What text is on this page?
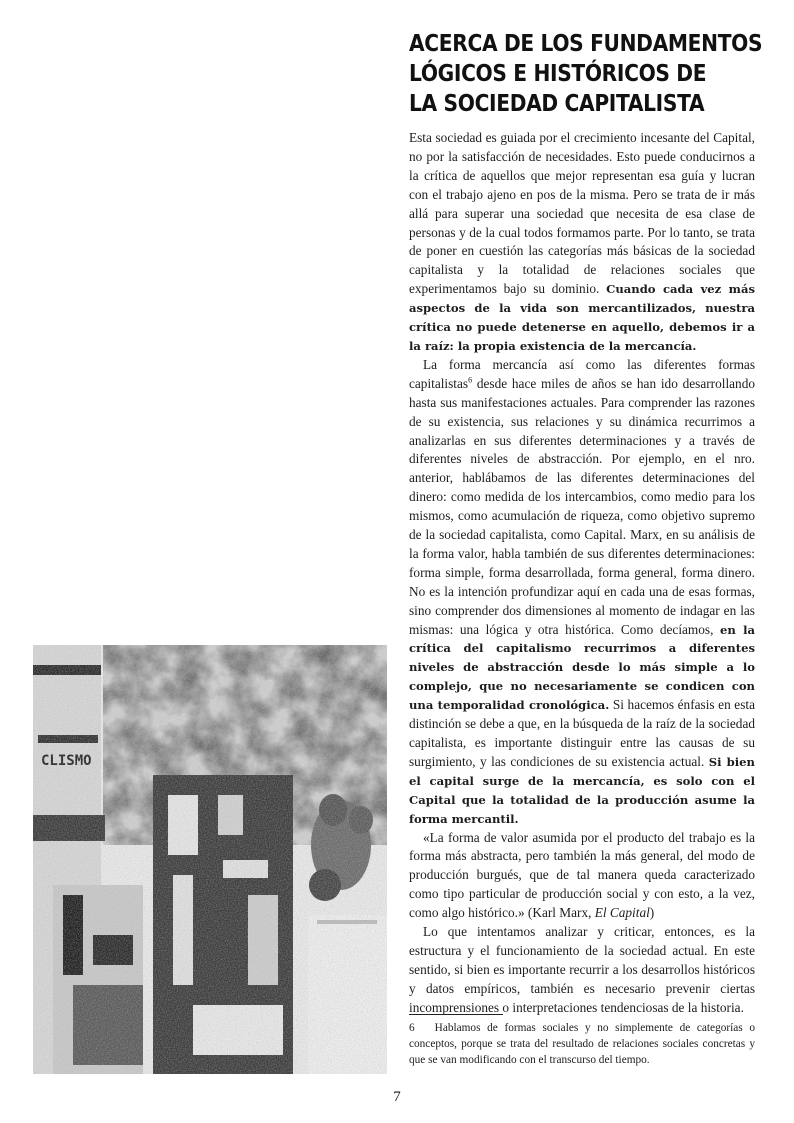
ACERCA DE LOS FUNDAMENTOS
LÓGICOS E HISTÓRICOS DE
LA SOCIEDAD CAPITALISTA

Esta sociedad es guiada por el crecimiento incesante del Capital, no por la satisfacción de necesidades. Esto puede conducirnos a la crítica de aquellos que mejor representan esa guía y lucran con el trabajo ajeno en pos de la misma. Pero se trata de ir más allá para superar una sociedad que necesita de esa clase de personas y de la cual todos formamos parte. Por lo tanto, se trata de poner en cuestión las categorías más básicas de la sociedad capitalista y la totalidad de relaciones sociales que experimentamos bajo su dominio. Cuando cada vez más aspectos de la vida son mercantilizados, nuestra crítica no puede detenerse en aquello, debemos ir a la raíz: la propia existencia de la mercancía.

La forma mercancía así como las diferentes formas capitalistas$^6$ desde hace miles de años se han ido desarrollando hasta sus manifestaciones actuales. Para comprender las razones de su existencia, sus relaciones y su dinámica recurrimos a analizarlas en sus diferentes determinaciones y a través de diferentes niveles de abstracción. Por ejemplo, en el nro. anterior, hablábamos de las diferentes determinaciones del dinero: como medida de los intercambios, como medio para los mismos, como acumulación de riqueza, como objetivo supremo de la sociedad capitalista, como Capital. Marx, en su análisis de la forma valor, habla también de sus diferentes determinaciones: forma simple, forma desarrollada, forma general, forma dinero. No es la intención profundizar aquí en cada una de esas formas, sino comprender dos dimensiones al momento de indagar en las mismas: una lógica y otra histórica. Como decíamos, en la crítica del capitalismo recurrimos a diferentes niveles de abstracción desde lo más simple a lo complejo, que no necesariamente se condicen con una temporalidad cronológica. Si hacemos énfasis en esta distinción se debe a que, en la búsqueda de la raíz de la sociedad capitalista, es importante distinguir entre las causas de su surgimiento, y las condiciones de su existencia actual. Si bien el capital surge de la mercancía, es solo con el Capital que la totalidad de la producción asume la forma mercantil.

«La forma de valor asumida por el producto del trabajo es la forma más abstracta, pero también la más general, del modo de producción burgués, que de tal manera queda caracterizado como tipo particular de producción social y con esto, a la vez, como algo histórico.» (Karl Marx, El Capital)

Lo que intentamos analizar y criticar, entonces, es la estructura y el funcionamiento de la sociedad actual. En este sentido, si bien es importante recurrir a los desarrollos históricos y datos empíricos, también es necesario prevenir ciertas incomprensiones o interpretaciones tendenciosas de la historia.

6 Hablamos de formas sociales y no simplemente de categorías o conceptos, porque se trata del resultado de relaciones sociales concretas y que se van modificando con el transcurso del tiempo.
7
